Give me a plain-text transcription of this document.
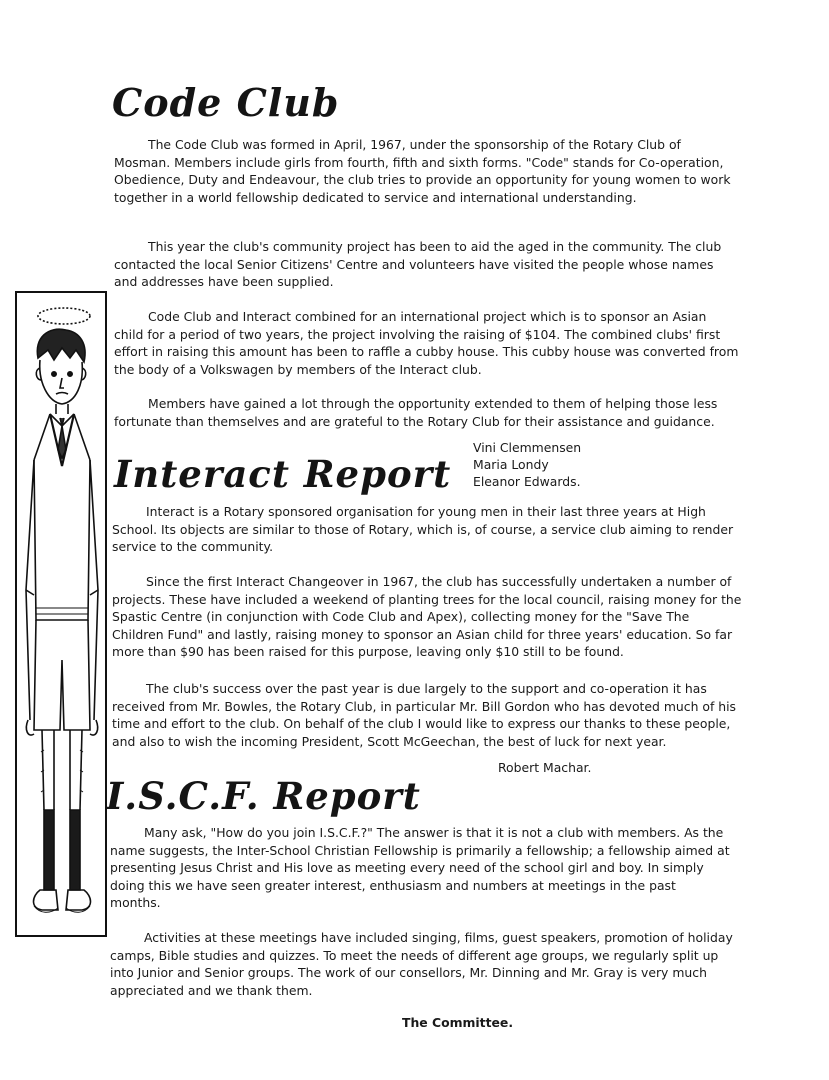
Code Club

The Code Club was formed in April, 1967, under the sponsorship of the Rotary Club of Mosman. Members include girls from fourth, fifth and sixth forms. "Code" stands for Co-operation, Obedience, Duty and Endeavour, the club tries to provide an opportunity for young women to work together in a world fellowship dedicated to service and international understanding.

This year the club's community project has been to aid the aged in the community. The club contacted the local Senior Citizens' Centre and volunteers have visited the people whose names and addresses have been supplied.

Code Club and Interact combined for an international project which is to sponsor an Asian child for a period of two years, the project involving the raising of $104. The combined clubs' first effort in raising this amount has been to raffle a cubby house. This cubby house was converted from the body of a Volkswagen by members of the Interact club.

Members have gained a lot through the opportunity extended to them of helping those less fortunate than themselves and are grateful to the Rotary Club for their assistance and guidance.

Vini Clemmensen
Maria Londy
Eleanor Edwards.
Interact Report

Interact is a Rotary sponsored organisation for young men in their last three years at High School. Its objects are similar to those of Rotary, which is, of course, a service club aiming to render service to the community.

Since the first Interact Changeover in 1967, the club has successfully undertaken a number of projects. These have included a weekend of planting trees for the local council, raising money for the Spastic Centre (in conjunction with Code Club and Apex), collecting money for the "Save The Children Fund" and lastly, raising money to sponsor an Asian child for three years' education. So far more than $90 has been raised for this purpose, leaving only $10 still to be found.

The club's success over the past year is due largely to the support and co-operation it has received from Mr. Bowles, the Rotary Club, in particular Mr. Bill Gordon who has devoted much of his time and effort to the club. On behalf of the club I would like to express our thanks to these people, and also to wish the incoming President, Scott McGeechan, the best of luck for next year.

Robert Machar.
I.S.C.F. Report

Many ask, "How do you join I.S.C.F.?" The answer is that it is not a club with members. As the name suggests, the Inter-School Christian Fellowship is primarily a fellowship; a fellowship aimed at presenting Jesus Christ and His love as meeting every need of the school girl and boy. In simply doing this we have seen greater interest, enthusiasm and numbers at meetings in the past months.

Activities at these meetings have included singing, films, guest speakers, promotion of holiday camps, Bible studies and quizzes. To meet the needs of different age groups, we regularly split up into Junior and Senior groups. The work of our consellors, Mr. Dinning and Mr. Gray is very much appreciated and we thank them.

The Committee.
